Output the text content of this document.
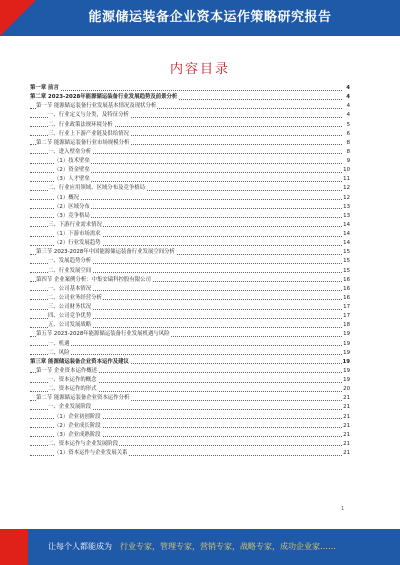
能源储运装备企业资本运作策略研究报告
内容目录
第一章 前言	4
第二章 2023-2028年能源储运装备行业发展趋势及前景分析	4
第一节 能源储运装备行业发展基本情况及现状分析	4
一、行业定义与分类，及特征分析	4
二、行业政策法规环境分析	5
三、行业上下游产业链及供给情况	6
第二节 能源储运装备行业市场规模分析	8
一、进入壁垒分析	8
（1）技术壁垒	9
（2）资金壁垒	10
（3）人才壁垒	11
二、行业应用领域、区域分布及竞争格局	12
（1）概况	12
（2）区域分布	13
（3）竞争格局	13
三、下游行业需求情况	14
（1）下游市场需求	14
（2）行业发展趋势	14
第三节 2023-2028年中国能源储运装备行业发展空间分析	15
一、发展趋势分析	15
二、行业发展空间	15
第四节 企业案例分析：中集安瑞科控股有限公司	16
一、公司基本情况	16
二、公司业务经营分析	16
三、公司财务状况	17
四、公司竞争优势	17
五、公司发展战略	18
第五节 2023-2028年能源储运装备行业发展机遇与风险	19
一、机遇	19
二、风险	19
第三章 能源储运装备企业资本运作及建议	19
第一节 企业资本运作概述	19
一、资本运作的概念	19
二、资本运作的形式	20
第二节 能源储运装备企业资本运作分析	21
一、企业发展阶段	21
（1）企业初创阶段	21
（2）企业成长阶段	21
（3）企业成熟阶段	21
二、资本运作与企业发展阶段	21
（1）资本运作与企业发展关系	21
1
让每个人都能成为 行业专家，管理专家，营销专家，战略专家，成功企业家……
